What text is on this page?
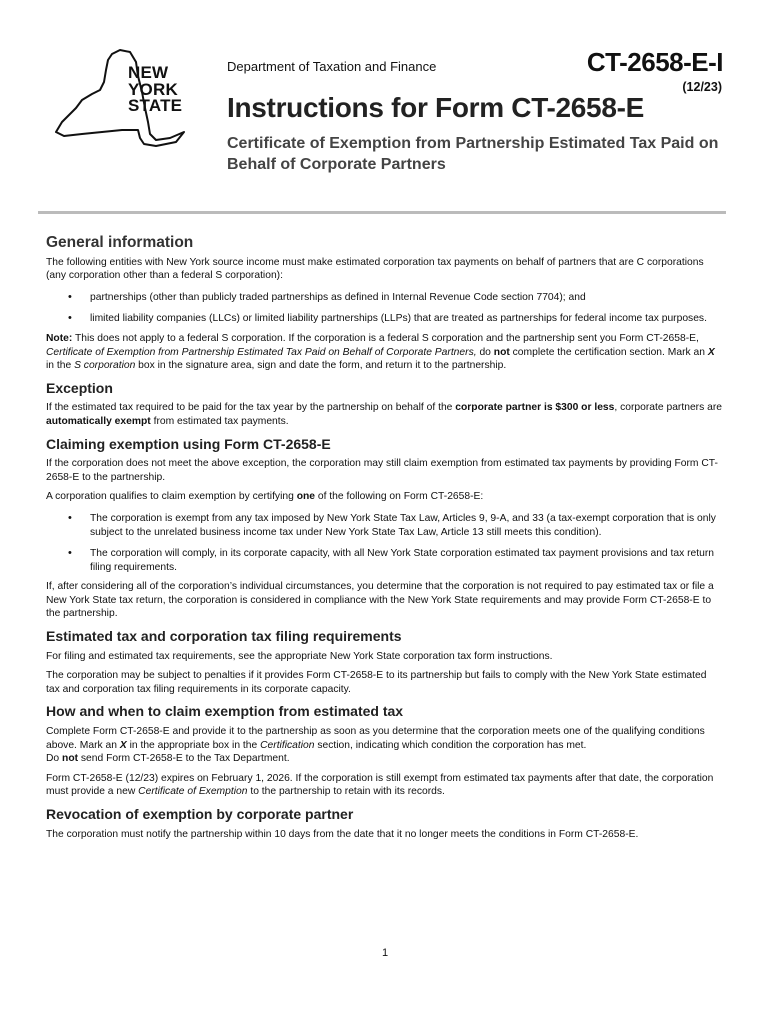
NEW
YORK
STATE
Department of Taxation and Finance	CT-2658-E-I
(12/23)
Instructions for Form CT-2658-E
Certificate of Exemption from Partnership Estimated Tax Paid on Behalf of Corporate Partners
General information

The following entities with New York source income must make estimated corporation tax payments on behalf of partners that are C corporations (any corporation other than a federal S corporation):

• partnerships (other than publicly traded partnerships as defined in Internal Revenue Code section 7704); and
• limited liability companies (LLCs) or limited liability partnerships (LLPs) that are treated as partnerships for federal income tax purposes.

Note: This does not apply to a federal S corporation. If the corporation is a federal S corporation and the partnership sent you Form CT-2658-E, Certificate of Exemption from Partnership Estimated Tax Paid on Behalf of Corporate Partners, do not complete the certification section. Mark an X in the S corporation box in the signature area, sign and date the form, and return it to the partnership.

Exception

If the estimated tax required to be paid for the tax year by the partnership on behalf of the corporate partner is $300 or less, corporate partners are automatically exempt from estimated tax payments.

Claiming exemption using Form CT-2658-E

If the corporation does not meet the above exception, the corporation may still claim exemption from estimated tax payments by providing Form CT-2658-E to the partnership.

A corporation qualifies to claim exemption by certifying one of the following on Form CT-2658-E:

• The corporation is exempt from any tax imposed by New York State Tax Law, Articles 9, 9-A, and 33 (a tax-exempt corporation that is only subject to the unrelated business income tax under New York State Tax Law, Article 13 still meets this condition).
• The corporation will comply, in its corporate capacity, with all New York State corporation estimated tax payment provisions and tax return filing requirements.

If, after considering all of the corporation’s individual circumstances, you determine that the corporation is not required to pay estimated tax or file a New York State tax return, the corporation is considered in compliance with the New York State requirements and may provide Form CT-2658-E to the partnership.

Estimated tax and corporation tax filing requirements

For filing and estimated tax requirements, see the appropriate New York State corporation tax form instructions.

The corporation may be subject to penalties if it provides Form CT-2658-E to its partnership but fails to comply with the New York State estimated tax and corporation tax filing requirements in its corporate capacity.

How and when to claim exemption from estimated tax

Complete Form CT-2658-E and provide it to the partnership as soon as you determine that the corporation meets one of the qualifying conditions above. Mark an X in the appropriate box in the Certification section, indicating which condition the corporation has met.
Do not send Form CT-2658-E to the Tax Department.

Form CT-2658-E (12/23) expires on February 1, 2026. If the corporation is still exempt from estimated tax payments after that date, the corporation must provide a new Certificate of Exemption to the partnership to retain with its records.

Revocation of exemption by corporate partner

The corporation must notify the partnership within 10 days from the date that it no longer meets the conditions in Form CT-2658-E.

1
